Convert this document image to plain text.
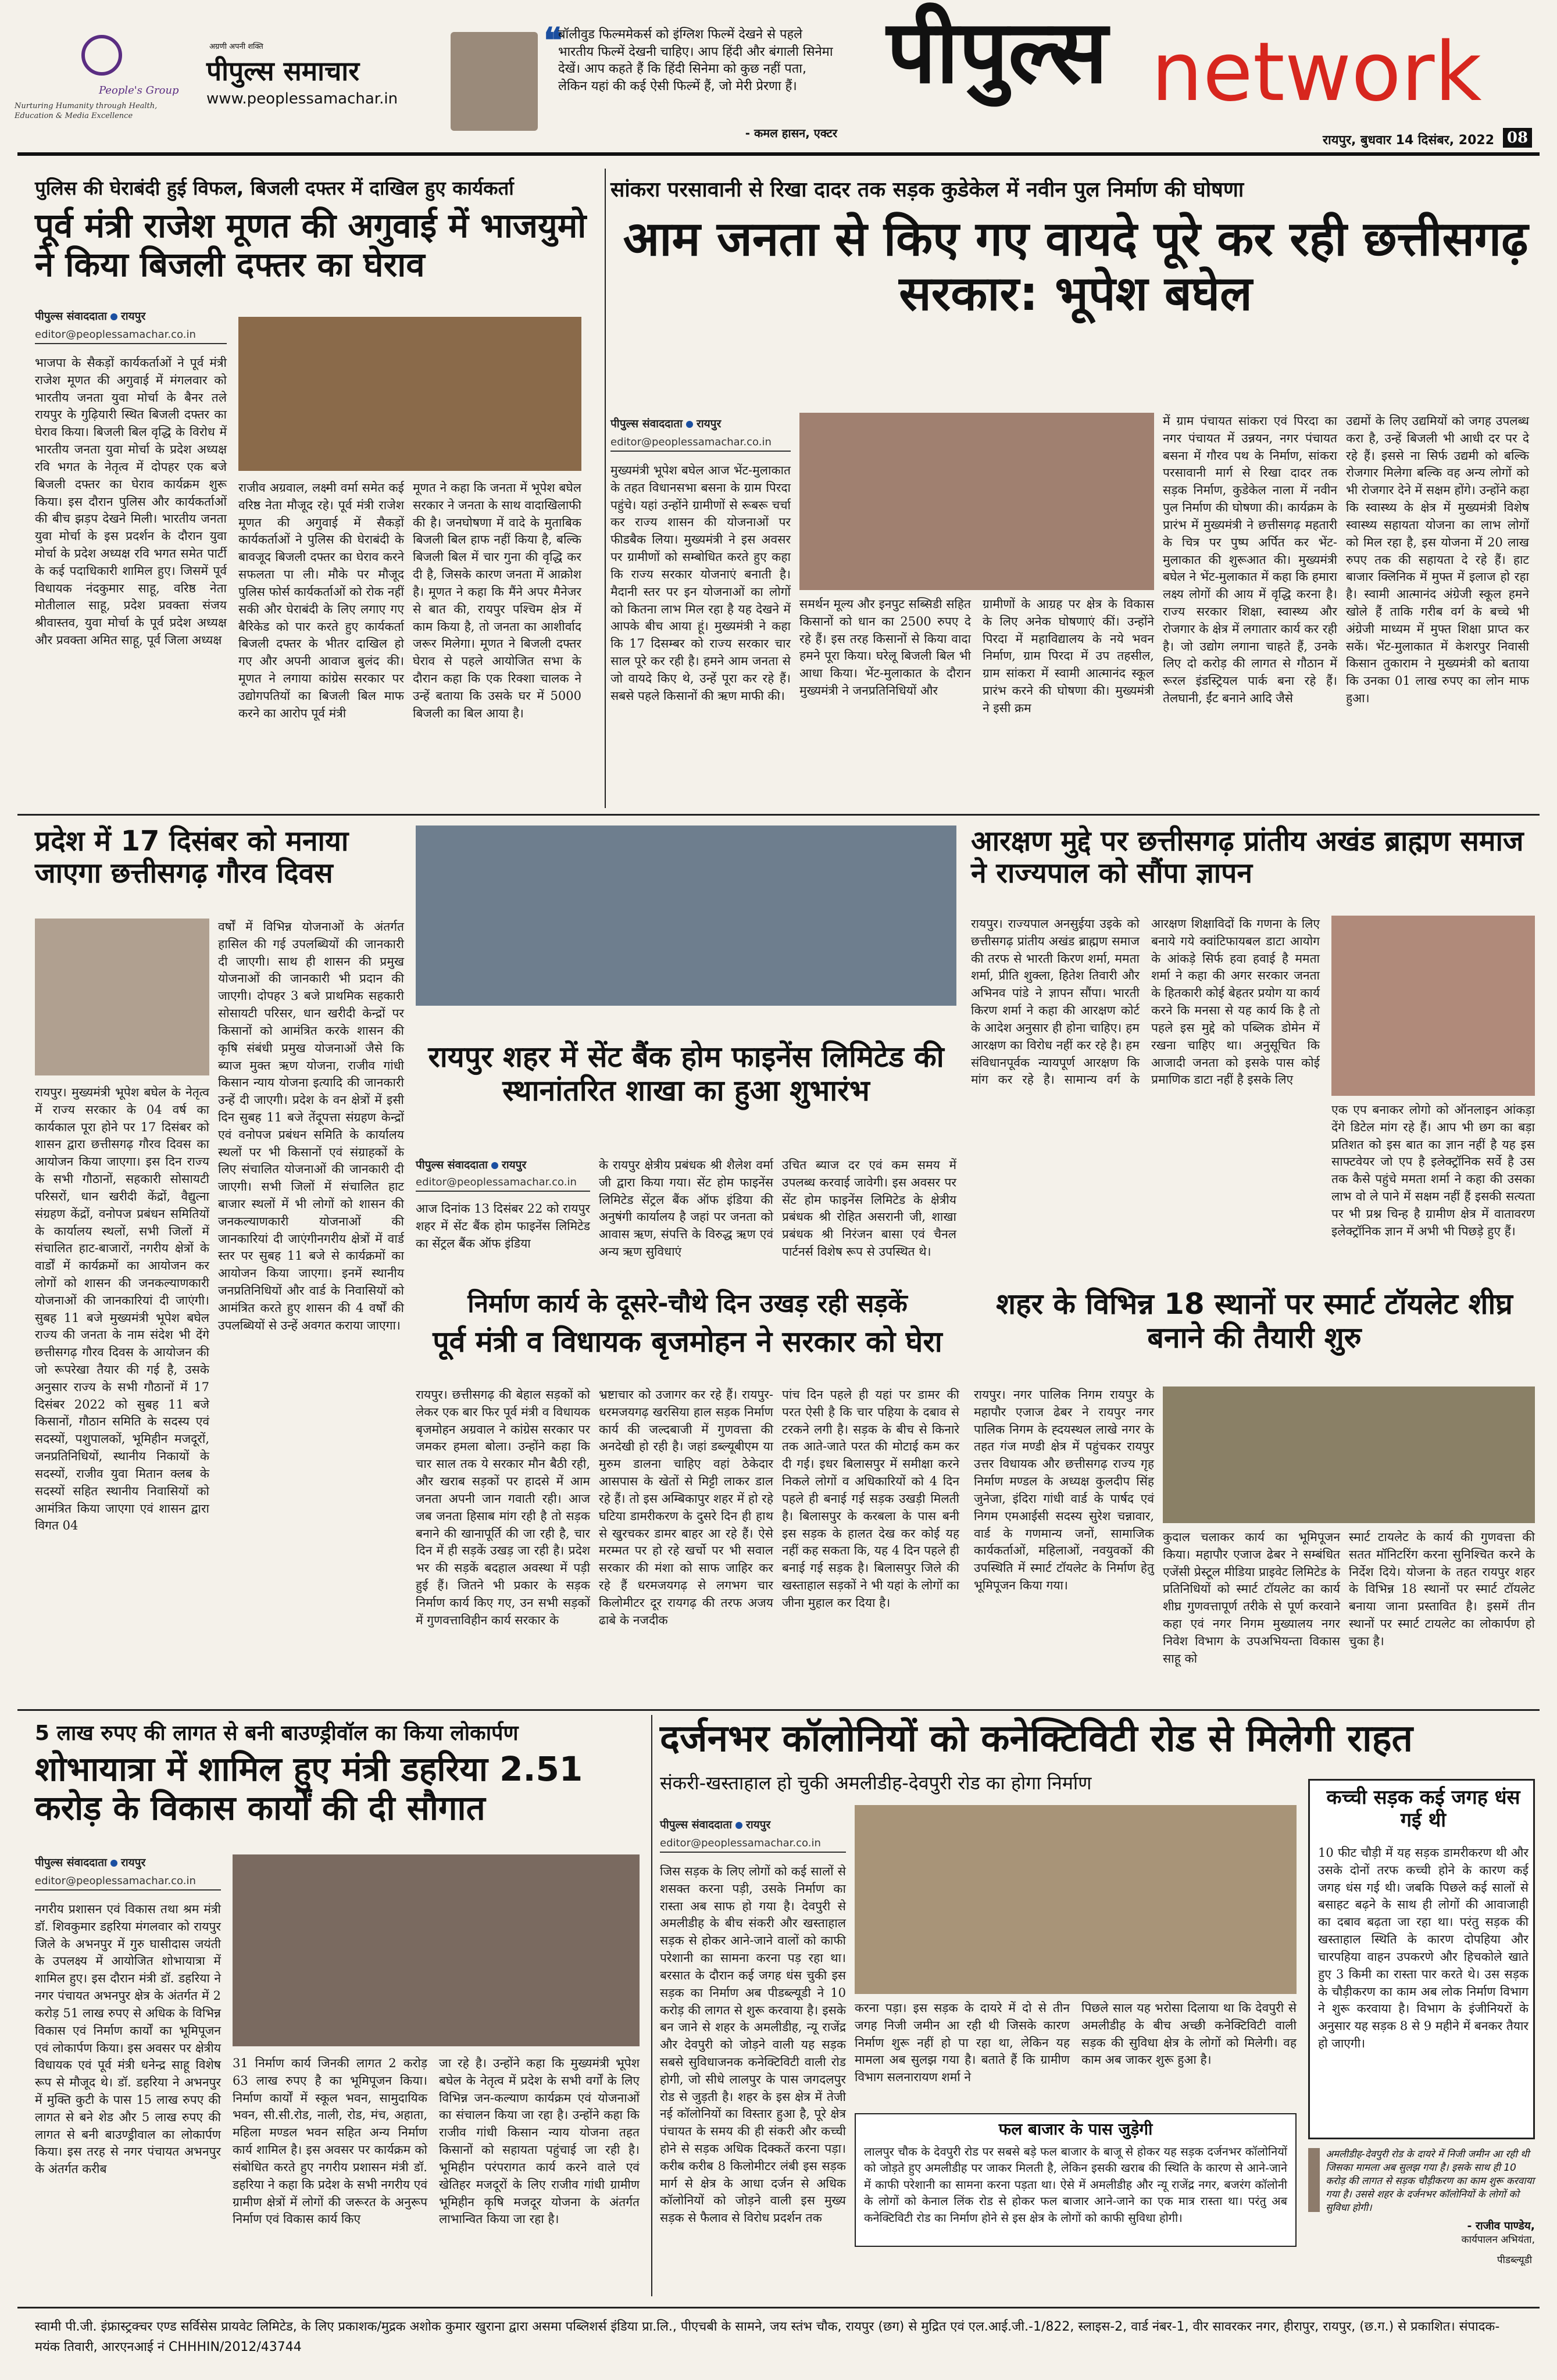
People's Group
Nurturing Humanity through Health, Education & Media Excellence
अग्रणी अपनी शक्ति
पीपुल्स समाचार
www.peoplessamachar.in
❝
बॉलीवुड फिल्ममेकर्स को इंग्लिश फिल्में देखने से पहले भारतीय फिल्में देखनी चाहिए। आप हिंदी और बंगाली सिनेमा देखें। आप कहते हैं कि हिंदी सिनेमा को कुछ नहीं पता, लेकिन यहां की कई ऐसी फिल्में हैं, जो मेरी प्रेरणा हैं।
- कमल हासन, एक्टर
पीपुल्स network
रायपुर, बुधवार 14 दिसंबर, 2022 08
पुलिस की घेराबंदी हुई विफल, बिजली दफ्तर में दाखिल हुए कार्यकर्ता
पूर्व मंत्री राजेश मूणत की अगुवाई में भाजयुमो ने किया बिजली दफ्तर का घेराव
पीपुल्स संवाददाता रायपुर
editor@peoplessamachar.co.in
भाजपा के सैकड़ों कार्यकर्ताओं ने पूर्व मंत्री राजेश मूणत की अगुवाई में मंगलवार को भारतीय जनता युवा मोर्चा के बैनर तले रायपुर के गुढ़ियारी स्थित बिजली दफ्तर का घेराव किया। बिजली बिल वृद्धि के विरोध में भारतीय जनता युवा मोर्चा के प्रदेश अध्यक्ष रवि भगत के नेतृत्व में दोपहर एक बजे बिजली दफ्तर का घेराव कार्यक्रम शुरू किया। इस दौरान पुलिस और कार्यकर्ताओं की बीच झड़प देखने मिली। भारतीय जनता युवा मोर्चा के इस प्रदर्शन के दौरान युवा मोर्चा के प्रदेश अध्यक्ष रवि भगत समेत पार्टी के कई पदाधिकारी शामिल हुए। जिसमें पूर्व विधायक नंदकुमार साहू, वरिष्ठ नेता मोतीलाल साहू, प्रदेश प्रवक्ता संजय श्रीवास्तव, युवा मोर्चा के पूर्व प्रदेश अध्यक्ष और प्रवक्ता अमित साहू, पूर्व जिला अध्यक्ष
राजीव अग्रवाल, लक्ष्मी वर्मा समेत कई वरिष्ठ नेता मौजूद रहे। पूर्व मंत्री राजेश मूणत की अगुवाई में सैकड़ों कार्यकर्ताओं ने पुलिस की घेराबंदी के बावजूद बिजली दफ्तर का घेराव करने सफलता पा ली। मौके पर मौजूद पुलिस फोर्स कार्यकर्ताओं को रोक नहीं सकी और घेराबंदी के लिए लगाए गए बैरिकेड को पार करते हुए कार्यकर्ता बिजली दफ्तर के भीतर दाखिल हो गए और अपनी आवाज बुलंद की। मूणत ने लगाया कांग्रेस सरकार पर उद्योगपतियों का बिजली बिल माफ करने का आरोप पूर्व मंत्री
मूणत ने कहा कि जनता में भूपेश बघेल सरकार ने जनता के साथ वादाखिलाफी की है। जनघोषणा में वादे के मुताबिक बिजली बिल हाफ नहीं किया है, बल्कि बिजली बिल में चार गुना की वृद्धि कर दी है, जिसके कारण जनता में आक्रोश है। मूणत ने कहा कि मैंने अपर मैनेजर से बात की, रायपुर पश्चिम क्षेत्र में काम किया है, तो जनता का आशीर्वाद जरूर मिलेगा। मूणत ने बिजली दफ्तर घेराव से पहले आयोजित सभा के दौरान कहा कि एक रिक्शा चालक ने उन्हें बताया कि उसके घर में 5000 बिजली का बिल आया है।
सांकरा परसावानी से रिखा दादर तक सड़क कुडेकेल में नवीन पुल निर्माण की घोषणा
आम जनता से किए गए वायदे पूरे कर रही छत्तीसगढ़ सरकार: भूपेश बघेल
पीपुल्स संवाददाता रायपुर
editor@peoplessamachar.co.in
मुख्यमंत्री भूपेश बघेल आज भेंट-मुलाकात के तहत विधानसभा बसना के ग्राम पिरदा पहुंचे। यहां उन्होंने ग्रामीणों से रूबरू चर्चा कर राज्य शासन की योजनाओं पर फीडबैक लिया। मुख्यमंत्री ने इस अवसर पर ग्रामीणों को सम्बोधित करते हुए कहा कि राज्य सरकार योजनाएं बनाती है। मैदानी स्तर पर इन योजनाओं का लोगों को कितना लाभ मिल रहा है यह देखने में आपके बीच आया हूं। मुख्यमंत्री ने कहा कि 17 दिसम्बर को राज्य सरकार चार साल पूरे कर रही है। हमने आम जनता से जो वायदे किए थे, उन्हें पूरा कर रहे हैं। सबसे पहले किसानों की ऋण माफी की।
समर्थन मूल्य और इनपुट सब्सिडी सहित किसानों को धान का 2500 रुपए दे रहे हैं। इस तरह किसानों से किया वादा हमने पूरा किया। घरेलू बिजली बिल भी आधा किया। भेंट-मुलाकात के दौरान मुख्यमंत्री ने जनप्रतिनिधियों और
ग्रामीणों के आग्रह पर क्षेत्र के विकास के लिए अनेक घोषणाएं कीं। उन्होंने पिरदा में महाविद्यालय के नये भवन निर्माण, ग्राम पिरदा में उप तहसील, ग्राम सांकरा में स्वामी आत्मानंद स्कूल प्रारंभ करने की घोषणा की। मुख्यमंत्री ने इसी क्रम
में ग्राम पंचायत सांकरा एवं पिरदा का नगर पंचायत में उन्नयन, नगर पंचायत बसना में गौरव पथ के निर्माण, सांकरा परसावानी मार्ग से रिखा दादर तक सड़क निर्माण, कुडेकेल नाला में नवीन पुल निर्माण की घोषणा की। कार्यक्रम के प्रारंभ में मुख्यमंत्री ने छत्तीसगढ़ महतारी के चित्र पर पुष्प अर्पित कर भेंट-मुलाकात की शुरूआत की। मुख्यमंत्री बघेल ने भेंट-मुलाकात में कहा कि हमारा लक्ष्य लोगों की आय में वृद्धि करना है। राज्य सरकार शिक्षा, स्वास्थ्य और रोजगार के क्षेत्र में लगातार कार्य कर रही है। जो उद्योग लगाना चाहते हैं, उनके लिए दो करोड़ की लागत से गौठान में रूरल इंडस्ट्रियल पार्क बना रहे हैं। तेलघानी, ईंट बनाने आदि जैसे
उद्यमों के लिए उद्यमियों को जगह उपलब्ध करा है, उन्हें बिजली भी आधी दर पर दे रहे हैं। इससे ना सिर्फ उद्यमी को बल्कि रोजगार मिलेगा बल्कि वह अन्य लोगों को भी रोजगार देने में सक्षम होंगे। उन्होंने कहा कि स्वास्थ्य के क्षेत्र में मुख्यमंत्री विशेष स्वास्थ्य सहायता योजना का लाभ लोगों को मिल रहा है, इस योजना में 20 लाख रुपए तक की सहायता दे रहे हैं। हाट बाजार क्लिनिक में मुफ्त में इलाज हो रहा है। स्वामी आत्मानंद अंग्रेजी स्कूल हमने खोले हैं ताकि गरीब वर्ग के बच्चे भी अंग्रेजी माध्यम में मुफ्त शिक्षा प्राप्त कर सकें। भेंट-मुलाकात में केशरपुर निवासी किसान तुकाराम ने मुख्यमंत्री को बताया कि उनका 01 लाख रुपए का लोन माफ हुआ।
प्रदेश में 17 दिसंबर को मनाया जाएगा छत्तीसगढ़ गौरव दिवस
रायपुर। मुख्यमंत्री भूपेश बघेल के नेतृत्व में राज्य सरकार के 04 वर्ष का कार्यकाल पूरा होने पर 17 दिसंबर को शासन द्वारा छत्तीसगढ़ गौरव दिवस का आयोजन किया जाएगा। इस दिन राज्य के सभी गौठानों, सहकारी सोसायटी परिसरों, धान खरीदी केंद्रों, वैद्युत्ना संग्रहण केंद्रों, वनोपज प्रबंधन समितियों के कार्यालय स्थलों, सभी जिलों में संचालित हाट-बाजारों, नगरीय क्षेत्रों के वार्डों में कार्यक्रमों का आयोजन कर लोगों को शासन की जनकल्याणकारी योजनाओं की जानकारियां दी जाएंगी। सुबह 11 बजे मुख्यमंत्री भूपेश बघेल राज्य की जनता के नाम संदेश भी देंगे छत्तीसगढ़ गौरव दिवस के आयोजन की जो रूपरेखा तैयार की गई है, उसके अनुसार राज्य के सभी गौठानों में 17 दिसंबर 2022 को सुबह 11 बजे किसानों, गौठान समिति के सदस्य एवं सदस्यों, पशुपालकों, भूमिहीन मजदूरों, जनप्रतिनिधियों, स्थानीय निकायों के सदस्यों, राजीव युवा मितान क्लब के सदस्यों सहित स्थानीय निवासियों को आमंत्रित किया जाएगा एवं शासन द्वारा विगत 04
वर्षों में विभिन्न योजनाओं के अंतर्गत हासिल की गई उपलब्धियों की जानकारी दी जाएगी। साथ ही शासन की प्रमुख योजनाओं की जानकारी भी प्रदान की जाएगी। दोपहर 3 बजे प्राथमिक सहकारी सोसायटी परिसर, धान खरीदी केन्द्रों पर किसानों को आमंत्रित करके शासन की कृषि संबंधी प्रमुख योजनाओं जैसे कि ब्याज मुक्त ऋण योजना, राजीव गांधी किसान न्याय योजना इत्यादि की जानकारी उन्हें दी जाएगी। प्रदेश के वन क्षेत्रों में इसी दिन सुबह 11 बजे तेंदूपत्ता संग्रहण केन्द्रों एवं वनोपज प्रबंधन समिति के कार्यालय स्थलों पर भी किसानों एवं संग्राहकों के लिए संचालित योजनाओं की जानकारी दी जाएगी। सभी जिलों में संचालित हाट बाजार स्थलों में भी लोगों को शासन की जनकल्याणकारी योजनाओं की जानकारियां दी जाएंगीनगरीय क्षेत्रों में वार्ड स्तर पर सुबह 11 बजे से कार्यक्रमों का आयोजन किया जाएगा। इनमें स्थानीय जनप्रतिनिधियों और वार्ड के निवासियों को आमंत्रित करते हुए शासन की 4 वर्षों की उपलब्धियों से उन्हें अवगत कराया जाएगा।
रायपुर शहर में सेंट बैंक होम फाइनेंस लिमिटेड की स्थानांतरित शाखा का हुआ शुभारंभ
पीपुल्स संवाददाता रायपुर
editor@peoplessamachar.co.in
आज दिनांक 13 दिसंबर 22 को रायपुर शहर में सेंट बैंक होम फाइनेंस लिमिटेड का सेंट्रल बैंक ऑफ इंडिया
के रायपुर क्षेत्रीय प्रबंधक श्री शैलेश वर्मा जी द्वारा किया गया। सेंट होम फाइनेंस लिमिटेड सेंट्रल बैंक ऑफ इंडिया की अनुषंगी कार्यालय है जहां पर जनता को आवास ऋण, संपत्ति के विरुद्ध ऋण एवं अन्य ऋण सुविधाएं
उचित ब्याज दर एवं कम समय में उपलब्ध करवाई जावेगी। इस अवसर पर सेंट होम फाइनेंस लिमिटेड के क्षेत्रीय प्रबंधक श्री रोहित असरानी जी, शाखा प्रबंधक श्री निरंजन बासा एवं चैनल पार्टनर्स विशेष रूप से उपस्थित थे।
आरक्षण मुद्दे पर छत्तीसगढ़ प्रांतीय अखंड ब्राह्मण समाज ने राज्यपाल को सौंपा ज्ञापन
रायपुर। राज्यपाल अनसुईया उइके को छत्तीसगढ़ प्रांतीय अखंड ब्राह्मण समाज की तरफ से भारती किरण शर्मा, ममता शर्मा, प्रीति शुक्ला, हितेश तिवारी और अभिनव पांडे ने ज्ञापन सौंपा। भारती किरण शर्मा ने कहा की आरक्षण कोर्ट के आदेश अनुसार ही होना चाहिए। हम आरक्षण का विरोध नहीं कर रहे है। हम संविधानपूर्वक न्यायपूर्ण आरक्षण कि मांग कर रहे है। सामान्य वर्ग के आरक्षण शिक्षाविदों कि गणना के लिए बनाये गये क्वांटिफायबल डाटा आयोग के आंकड़े सिर्फ हवा हवाई है ममता शर्मा ने कहा की अगर सरकार जनता के हितकारी कोई बेहतर प्रयोग या कार्य करने कि मनसा से यह कार्य कि है तो पहले इस मुद्दे को पब्लिक डोमेन में रखना चाहिए था। अनुसूचित कि आजादी जनता को इसके पास कोई प्रमाणिक डाटा नहीं है इसके लिए
एक एप बनाकर लोगो को ऑनलाइन आंकड़ा देंगे डिटेल मांग रहे हैं। आप भी छग का बड़ा प्रतिशत को इस बात का ज्ञान नहीं है यह इस साफ्टवेयर जो एप है इलेक्ट्रॉनिक सर्वे है उस तक कैसे पहुंचे ममता शर्मा ने कहा की उसका लाभ वो ले पाने में सक्षम नहीं हैं इसकी सत्यता पर भी प्रश्न चिन्ह है ग्रामीण क्षेत्र में वातावरण इलेक्ट्रॉनिक ज्ञान में अभी भी पिछड़े हुए हैं।
निर्माण कार्य के दूसरे-चौथे दिन उखड़ रही सड़कें
पूर्व मंत्री व विधायक बृजमोहन ने सरकार को घेरा
रायपुर। छत्तीसगढ़ की बेहाल सड़कों को लेकर एक बार फिर पूर्व मंत्री व विधायक बृजमोहन अग्रवाल ने कांग्रेस सरकार पर जमकर हमला बोला। उन्होंने कहा कि चार साल तक ये सरकार मौन बैठी रही, और खराब सड़कों पर हादसे में आम जनता अपनी जान गवाती रही। आज जब जनता हिसाब मांग रही है तो सड़क बनाने की खानापूर्ति की जा रही है, चार दिन में ही सड़कें उखड़ जा रही है। प्रदेश भर की सड़कें बदहाल अवस्था में पड़ी हुई हैं। जितने भी प्रकार के सड़क निर्माण कार्य किए गए, उन सभी सड़कों में गुणवत्ताविहीन कार्य सरकार के
भ्रष्टाचार को उजागर कर रहे हैं। रायपुर-धरमजयगढ़ खरसिया हाल सड़क निर्माण कार्य की जल्दबाजी में गुणवत्ता की अनदेखी हो रही है। जहां डब्ल्यूबीएम या मुरुम डालना चाहिए वहां ठेकेदार आसपास के खेतों से मिट्टी लाकर डाल रहे हैं। तो इस अम्बिकापुर शहर में हो रहे घटिया डामरीकरण के दुसरे दिन ही हाथ से खुरचकर डामर बाहर आ रहे हैं। ऐसे मरम्मत पर हो रहे खर्चो पर भी सवाल सरकार की मंशा को साफ जाहिर कर रहे हैं धरमजयगढ़ से लगभग चार किलोमीटर दूर रायगढ़ की तरफ अजय ढाबे के नजदीक
पांच दिन पहले ही यहां पर डामर की परत ऐसी है कि चार पहिया के दबाव से टरकने लगी है। सड़क के बीच से किनारे तक आते-जाते परत की मोटाई कम कर दी गई। इधर बिलासपुर में समीक्षा करने निकले लोगों व अधिकारियों को 4 दिन पहले ही बनाई गई सड़क उखड़ी मिलती है। बिलासपुर के करबला के पास बनी इस सड़क के हालत देख कर कोई यह नहीं कह सकता कि, यह 4 दिन पहले ही बनाई गई सड़क है। बिलासपुर जिले की खस्ताहाल सड़कों ने भी यहां के लोगों का जीना मुहाल कर दिया है।
शहर के विभिन्न 18 स्थानों पर स्मार्ट टॉयलेट शीघ्र बनाने की तैयारी शुरु
रायपुर। नगर पालिक निगम रायपुर के महापौर एजाज ढेबर ने रायपुर नगर पालिक निगम के ह्दयस्थल लाखे नगर के तहत गंज मण्डी क्षेत्र में पहुंचकर रायपुर उत्तर विधायक और छत्तीसगढ़ राज्य गृह निर्माण मण्डल के अध्यक्ष कुलदीप सिंह जुनेजा, इंदिरा गांधी वार्ड के पार्षद एवं निगम एमआईसी सदस्य सुरेश चन्नावार, वार्ड के गणमान्य जनों, सामाजिक कार्यकर्ताओं, महिलाओं, नवयुवकों की उपस्थिति में स्मार्ट टॉयलेट के निर्माण हेतु भूमिपूजन किया गया।
कुदाल चलाकर कार्य का भूमिपूजन किया। महापौर एजाज ढेबर ने सम्बंधित एजेंसी प्रेस्टूल मीडिया प्राइवेट लिमिटेड के प्रतिनिधियों को स्मार्ट टॉयलेट का कार्य शीघ्र गुणवत्तापूर्ण तरीके से पूर्ण करवाने कहा एवं नगर निगम मुख्यालय नगर निवेश विभाग के उपअभियन्ता विकास साहू को
स्मार्ट टायलेट के कार्य की गुणवत्ता की सतत मॉनिटरिंग करना सुनिश्चित करने के निर्देश दिये। योजना के तहत रायपुर शहर के विभिन्न 18 स्थानों पर स्मार्ट टॉयलेट बनाया जाना प्रस्तावित है। इसमें तीन स्थानों पर स्मार्ट टायलेट का लोकार्पण हो चुका है।
5 लाख रुपए की लागत से बनी बाउण्ड्रीवॉल का किया लोकार्पण
शोभायात्रा में शामिल हुए मंत्री डहरिया 2.51 करोड़ के विकास कार्यों की दी सौगात
पीपुल्स संवाददाता रायपुर
editor@peoplessamachar.co.in
नगरीय प्रशासन एवं विकास तथा श्रम मंत्री डॉ. शिवकुमार डहरिया मंगलवार को रायपुर जिले के अभनपुर में गुरु घासीदास जयंती के उपलक्ष्य में आयोजित शोभायात्रा में शामिल हुए। इस दौरान मंत्री डॉ. डहरिया ने नगर पंचायत अभनपुर क्षेत्र के अंतर्गत में 2 करोड़ 51 लाख रुपए से अधिक के विभिन्न विकास एवं निर्माण कार्यों का भूमिपूजन एवं लोकार्पण किया। इस अवसर पर क्षेत्रीय विधायक एवं पूर्व मंत्री धनेन्द्र साहू विशेष रूप से मौजूद थे। डॉ. डहरिया ने अभनपुर में मुक्ति कुटी के पास 15 लाख रुपए की लागत से बने शेड और 5 लाख रुपए की लागत से बनी बाउण्ड्रीवाल का लोकार्पण किया। इस तरह से नगर पंचायत अभनपुर के अंतर्गत करीब
31 निर्माण कार्य जिनकी लागत 2 करोड़ 63 लाख रुपए है का भूमिपूजन किया। निर्माण कार्यों में स्कूल भवन, सामुदायिक भवन, सी.सी.रोड, नाली, रोड, मंच, अहाता, महिला मण्डल भवन सहित अन्य निर्माण कार्य शामिल है। इस अवसर पर कार्यक्रम को संबोधित करते हुए नगरीय प्रशासन मंत्री डॉ. डहरिया ने कहा कि प्रदेश के सभी नगरीय एवं ग्रामीण क्षेत्रों में लोगों की जरूरत के अनुरूप निर्माण एवं विकास कार्य किए
जा रहे है। उन्होंने कहा कि मुख्यमंत्री भूपेश बघेल के नेतृत्व में प्रदेश के सभी वर्गों के लिए विभिन्न जन-कल्याण कार्यक्रम एवं योजनाओं का संचालन किया जा रहा है। उन्होंने कहा कि राजीव गांधी किसान न्याय योजना तहत किसानों को सहायता पहुंचाई जा रही है। भूमिहीन परंपरागत कार्य करने वाले एवं खेतिहर मजदूरों के लिए राजीव गांधी ग्रामीण भूमिहीन कृषि मजदूर योजना के अंतर्गत लाभान्वित किया जा रहा है।
दर्जनभर कॉलोनियों को कनेक्टिविटी रोड से मिलेगी राहत
संकरी-खस्ताहाल हो चुकी अमलीडीह-देवपुरी रोड का होगा निर्माण
पीपुल्स संवाददाता रायपुर
editor@peoplessamachar.co.in
जिस सड़क के लिए लोगों को कई सालों से शसक्त करना पड़ी, उसके निर्माण का रास्ता अब साफ हो गया है। देवपुरी से अमलीडीह के बीच संकरी और खस्ताहाल सड़क से होकर आने-जाने वालों को काफी परेशानी का सामना करना पड़ रहा था। बरसात के दौरान कई जगह धंस चुकी इस सड़क का निर्माण अब पीडब्ल्यूडी ने 10 करोड़ की लागत से शुरू करवाया है। इसके बन जाने से शहर के अमलीडीह, न्यू राजेंद्र और देवपुरी को जोड़ने वाली यह सड़क सबसे सुविधाजनक कनेक्टिविटी वाली रोड होगी, जो सीधे लालपुर के पास जगदलपुर रोड से जुड़ती है। शहर के इस क्षेत्र में तेजी नई कॉलोनियों का विस्तार हुआ है, पूरे क्षेत्र पंचायत के समय की ही संकरी और कच्ची होने से सड़क अधिक दिक्कतें करना पड़ा। करीब करीब 8 किलोमीटर लंबी इस सड़क मार्ग से क्षेत्र के आधा दर्जन से अधिक कॉलोनियों को जोड़ने वाली इस मुख्य सड़क से फैलाव से विरोध प्रदर्शन तक
करना पड़ा। इस सड़क के दायरे में दो से तीन जगह निजी जमीन आ रही थी जिसके कारण निर्माण शुरू नहीं हो पा रहा था, लेकिन यह मामला अब सुलझ गया है। बताते हैं कि ग्रामीण विभाग सलनारायण शर्मा ने
पिछले साल यह भरोसा दिलाया था कि देवपुरी से अमलीडीह के बीच अच्छी कनेक्टिविटी वाली सड़क की सुविधा क्षेत्र के लोगों को मिलेगी। वह काम अब जाकर शुरू हुआ है।
फल बाजार के पास जुड़ेगी
लालपुर चौक के देवपुरी रोड पर सबसे बड़े फल बाजार के बाजू से होकर यह सड़क दर्जनभर कॉलोनियों को जोड़ते हुए अमलीडीह पर जाकर मिलती है, लेकिन इसकी खराब की स्थिति के कारण से आने-जाने में काफी परेशानी का सामना करना पड़ता था। ऐसे में अमलीडीह और न्यू राजेंद्र नगर, बजरंग कॉलोनी के लोगों को केनाल लिंक रोड से होकर फल बाजार आने-जाने का एक मात्र रास्ता था। परंतु अब कनेक्टिविटी रोड का निर्माण होने से इस क्षेत्र के लोगों को काफी सुविधा होगी।
कच्ची सड़क कई जगह धंस गई थी
10 फीट चौड़ी में यह सड़क डामरीकरण थी और उसके दोनों तरफ कच्ची होने के कारण कई जगह धंस गई थी। जबकि पिछले कई सालों से बसाहट बढ़ने के साथ ही लोगों की आवाजाही का दबाव बढ़ता जा रहा था। परंतु सड़क की खस्ताहाल स्थिति के कारण दोपहिया और चारपहिया वाहन उपकरणे और हिचकोले खाते हुए 3 किमी का रास्ता पार करते थे। उस सड़क के चौड़ीकरण का काम अब लोक निर्माण विभाग ने शुरू करवाया है। विभाग के इंजीनियरों के अनुसार यह सड़क 8 से 9 महीने में बनकर तैयार हो जाएगी।
अमलीडीह-देवपुरी रोड के दायरे में निजी जमीन आ रही थी जिसका मामला अब सुलझ गया है। इसके साथ ही 10 करोड़ की लागत से सड़क चौड़ीकरण का काम शुरू करवाया गया है। उससे शहर के दर्जनभर कॉलोनियों के लोगों को सुविधा होगी।
- राजीव पाण्डेय,
कार्यपालन अभियंता,
पीडब्ल्यूडी
स्वामी पी.जी. इंफ्रास्ट्रक्चर एण्ड सर्विसेस प्रायवेट लिमिटेड, के लिए प्रकाशक/मुद्रक अशोक कुमार खुराना द्वारा असमा पब्लिशर्स इंडिया प्रा.लि., पीएचबी के सामने, जय स्तंभ चौक, रायपुर (छग) से मुद्रित एवं एल.आई.जी.-1/822, स्लाइस-2, वार्ड नंबर-1, वीर सावरकर नगर, हीरापुर, रायपुर, (छ.ग.) से प्रकाशित। संपादक- मयंक तिवारी, आरएनआई नं CHHHIN/2012/43744
